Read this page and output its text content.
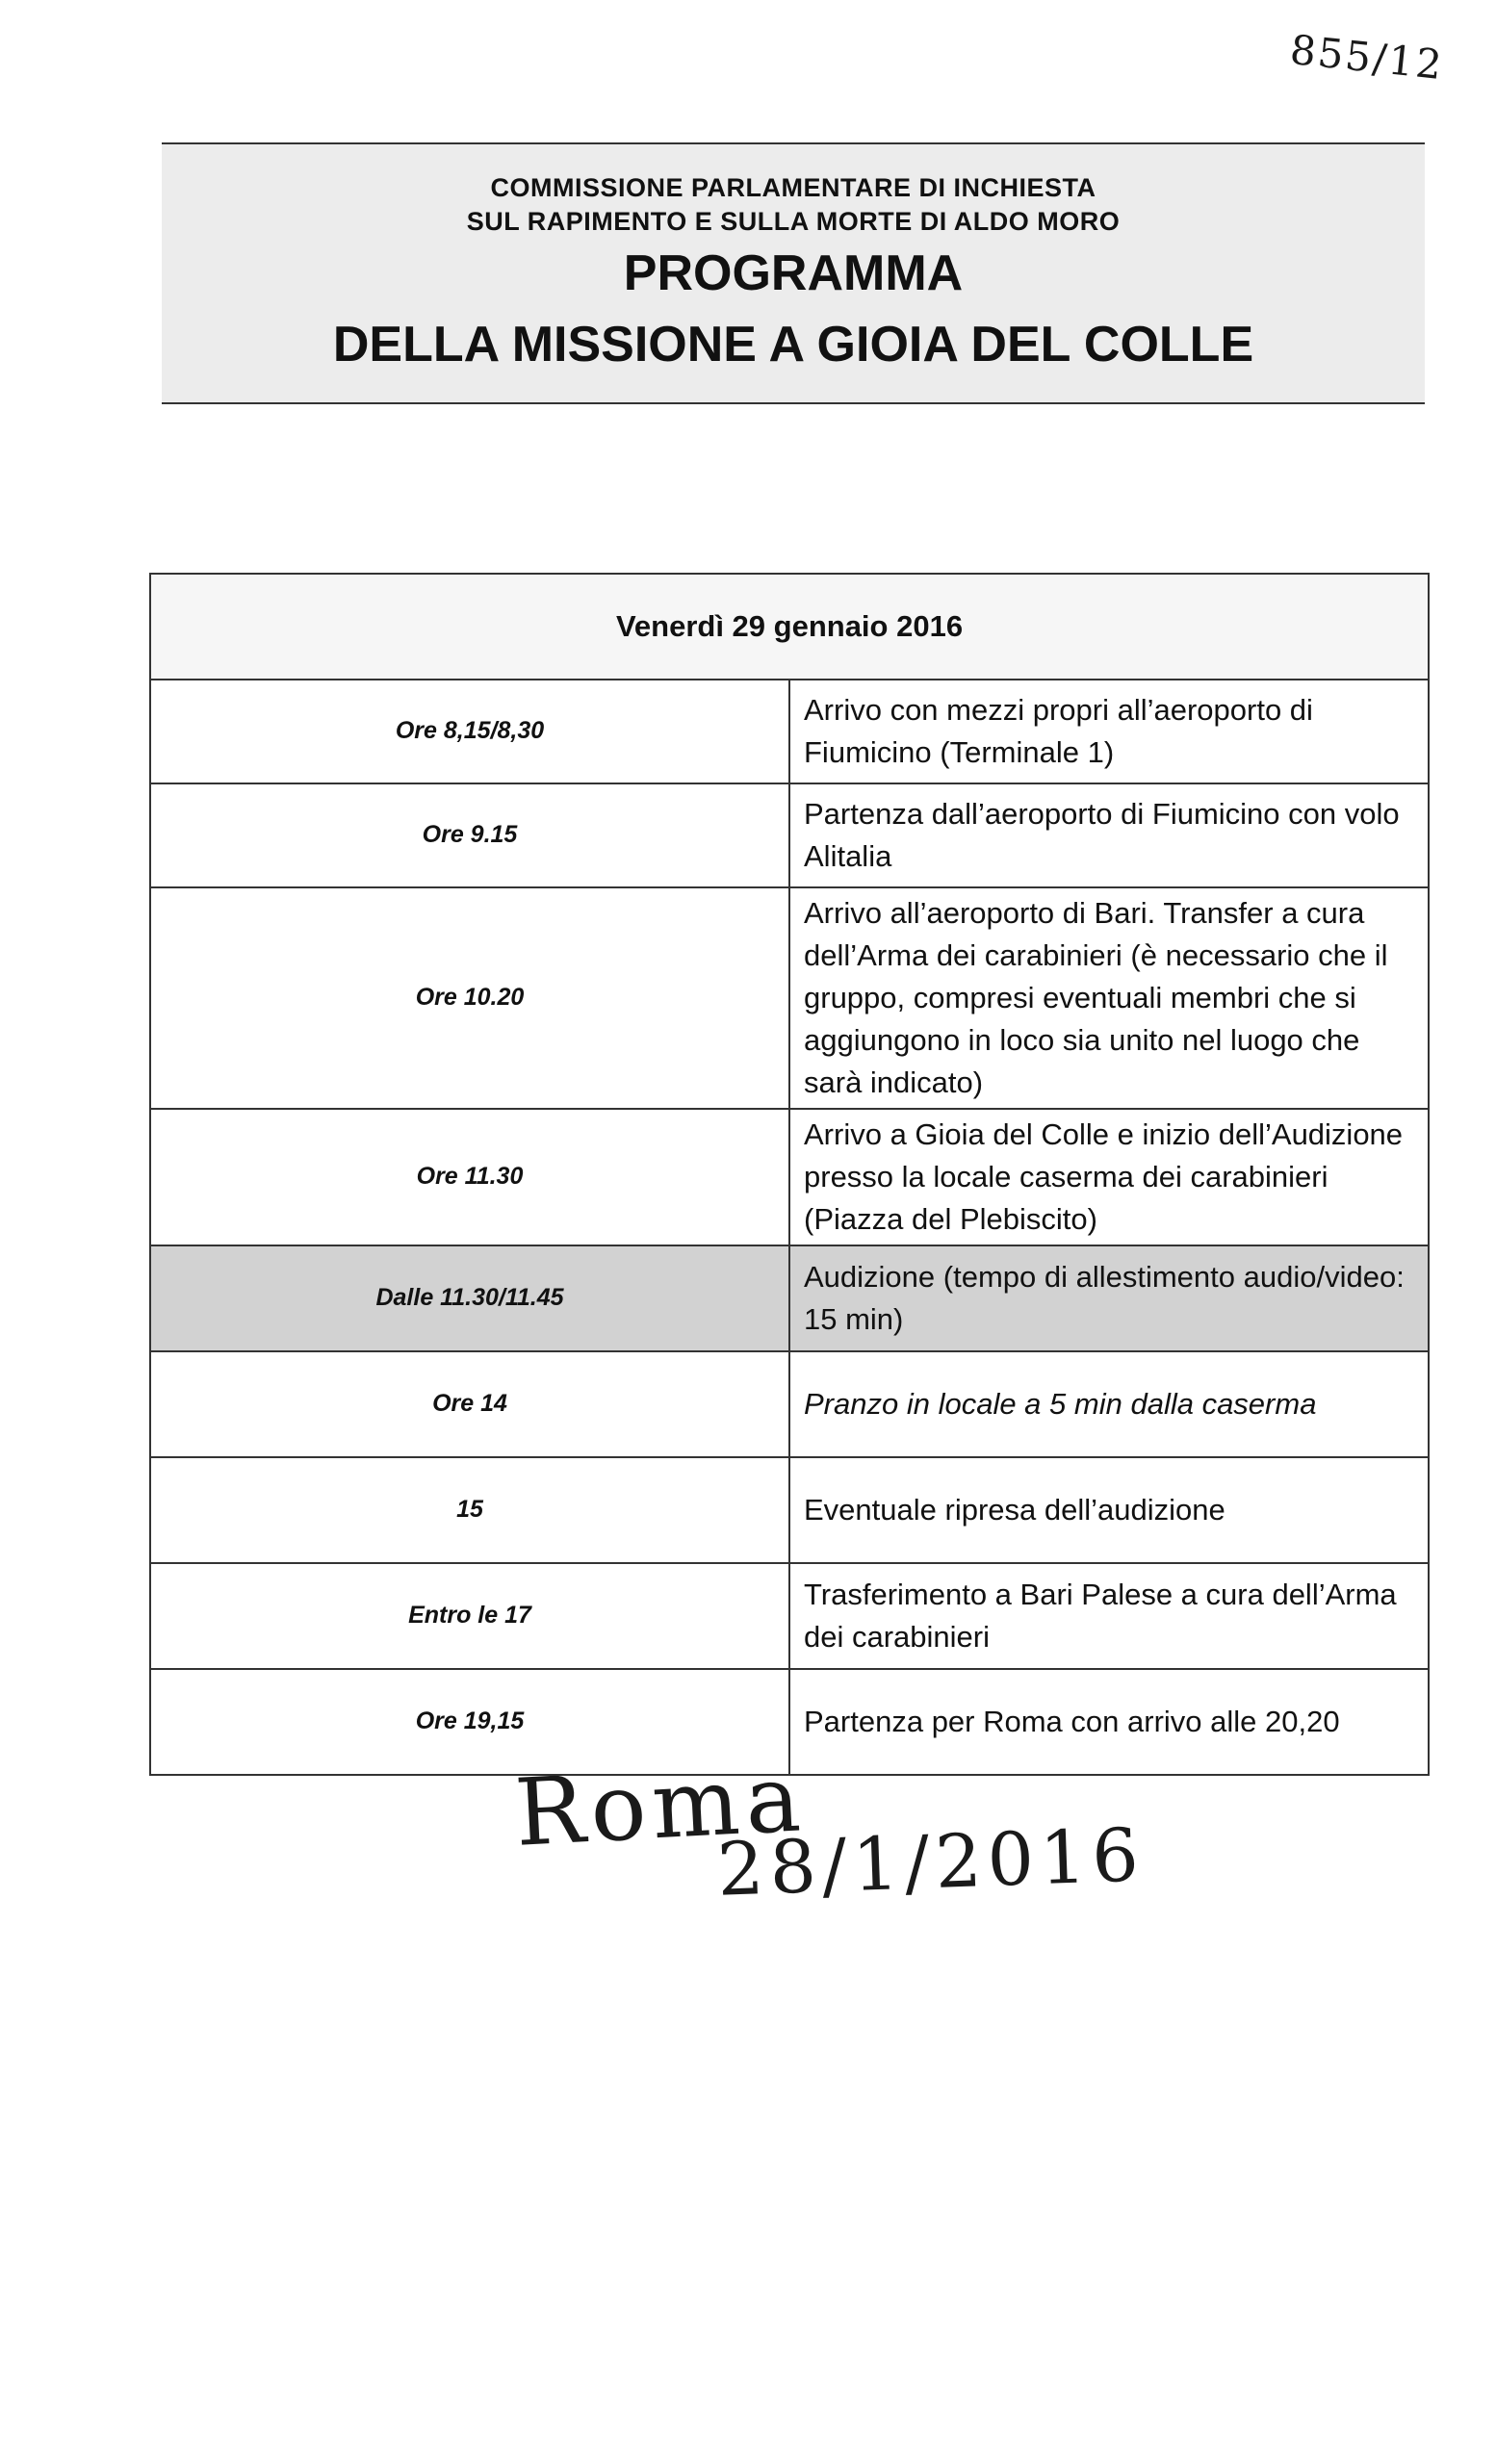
855/12
COMMISSIONE PARLAMENTARE DI INCHIESTA
SUL RAPIMENTO E SULLA MORTE DI ALDO MORO
PROGRAMMA
DELLA MISSIONE A GIOIA DEL COLLE
Venerdì 29 gennaio 2016	
Ore 8,15/8,30	Arrivo con mezzi propri all’aeroporto di Fiumicino (Terminale 1)
Ore 9.15	Partenza dall’aeroporto di Fiumicino con volo Alitalia
Ore 10.20	Arrivo all’aeroporto di Bari. Transfer a cura dell’Arma dei carabinieri (è necessario che il gruppo, compresi eventuali membri che si aggiungono in loco sia unito nel luogo che sarà indicato)
Ore 11.30	Arrivo a Gioia del Colle e inizio dell’Audizione presso la locale caserma dei carabinieri (Piazza del Plebiscito)
Dalle 11.30/11.45	Audizione (tempo di allestimento audio/video: 15 min)
Ore 14	Pranzo in locale a 5 min dalla caserma
15	Eventuale ripresa dell’audizione
Entro le 17	Trasferimento a Bari Palese a cura dell’Arma dei carabinieri
Ore 19,15	Partenza per Roma con arrivo alle 20,20
Roma
28/1/2016
